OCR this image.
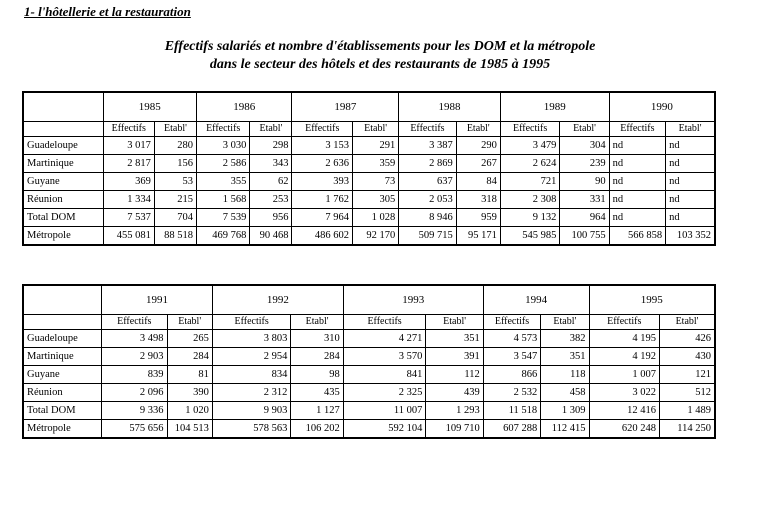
1- l'hôtellerie et la restauration
Effectifs salariés et nombre d'établissements pour les DOM et la métropole
dans le secteur des hôtels et des restaurants de 1985 à 1995
	1985		1986		1987		1988		1989		1990	
	Effectifs	Etabl'	Effectifs	Etabl'	Effectifs	Etabl'	Effectifs	Etabl'	Effectifs	Etabl'	Effectifs	Etabl'
Guadeloupe	3 017	280	3 030	298	3 153	291	3 387	290	3 479	304	nd	nd
Martinique	2 817	156	2 586	343	2 636	359	2 869	267	2 624	239	nd	nd
Guyane	369	53	355	62	393	73	637	84	721	90	nd	nd
Réunion	1 334	215	1 568	253	1 762	305	2 053	318	2 308	331	nd	nd
Total DOM	7 537	704	7 539	956	7 964	1 028	8 946	959	9 132	964	nd	nd
Métropole	455 081	88 518	469 768	90 468	486 602	92 170	509 715	95 171	545 985	100 755	566 858	103 352
	1991		1992		1993		1994		1995	
	Effectifs	Etabl'	Effectifs	Etabl'	Effectifs	Etabl'	Effectifs	Etabl'	Effectifs	Etabl'
Guadeloupe	3 498	265	3 803	310	4 271	351	4 573	382	4 195	426
Martinique	2 903	284	2 954	284	3 570	391	3 547	351	4 192	430
Guyane	839	81	834	98	841	112	866	118	1 007	121
Réunion	2 096	390	2 312	435	2 325	439	2 532	458	3 022	512
Total DOM	9 336	1 020	9 903	1 127	11 007	1 293	11 518	1 309	12 416	1 489
Métropole	575 656	104 513	578 563	106 202	592 104	109 710	607 288	112 415	620 248	114 250
